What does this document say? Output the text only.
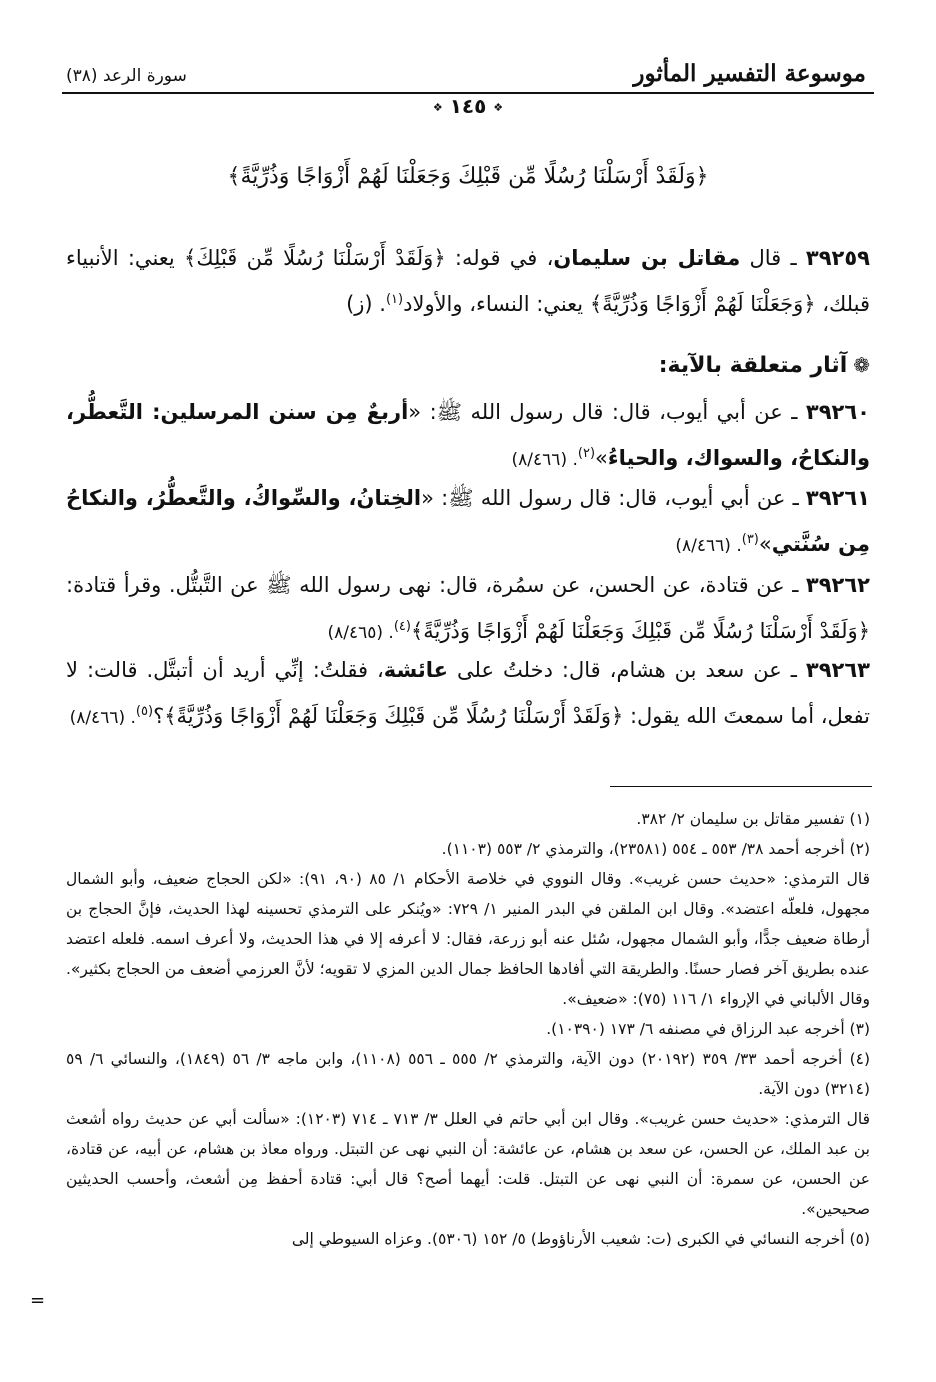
موسوعة التفسير المأثور
سورة الرعد (٣٨)
❖ ١٤٥ ❖
﴿وَلَقَدْ أَرْسَلْنَا رُسُلًا مِّن قَبْلِكَ وَجَعَلْنَا لَهُمْ أَزْوَاجًا وَذُرِّيَّةً﴾
٣٩٢٥٩ ـ قال مقاتل بن سليمان، في قوله: ﴿وَلَقَدْ أَرْسَلْنَا رُسُلًا مِّن قَبْلِكَ﴾ يعني: الأنبياء قبلك، ﴿وَجَعَلْنَا لَهُمْ أَزْوَاجًا وَذُرِّيَّةً﴾ يعني: النساء، والأولاد$^{(١)}$. (ز)
❁آثار متعلقة بالآية:
٣٩٢٦٠ ـ عن أبي أيوب، قال: قال رسول الله ﷺ: «أربعٌ مِن سنن المرسلين: التَّعطُّر، والنكاحُ، والسواك، والحياءُ»$^{(٢)}$. (٨/٤٦٦)
٣٩٢٦١ ـ عن أبي أيوب، قال: قال رسول الله ﷺ: «الخِتانُ، والسِّواكُ، والتَّعطُّرُ، والنكاحُ مِن سُنَّتي»$^{(٣)}$. (٨/٤٦٦)
٣٩٢٦٢ ـ عن قتادة، عن الحسن، عن سمُرة، قال: نهى رسول الله ﷺ عن التَّبتُّل. وقرأ قتادة: ﴿وَلَقَدْ أَرْسَلْنَا رُسُلًا مِّن قَبْلِكَ وَجَعَلْنَا لَهُمْ أَزْوَاجًا وَذُرِّيَّةً﴾$^{(٤)}$. (٨/٤٦٥)
٣٩٢٦٣ ـ عن سعد بن هشام، قال: دخلتُ على عائشة، فقلتُ: إنِّي أريد أن أتبتَّل. قالت: لا تفعل، أما سمعتَ الله يقول: ﴿وَلَقَدْ أَرْسَلْنَا رُسُلًا مِّن قَبْلِكَ وَجَعَلْنَا لَهُمْ أَزْوَاجًا وَذُرِّيَّةً﴾؟$^{(٥)}$. (٨/٤٦٦)

(١) تفسير مقاتل بن سليمان ٢/ ٣٨٢.

(٢) أخرجه أحمد ٣٨/ ٥٥٣ ـ ٥٥٤ (٢٣٥٨١)، والترمذي ٢/ ٥٥٣ (١١٠٣).

قال الترمذي: «حديث حسن غريب». وقال النووي في خلاصة الأحكام ١/ ٨٥ (٩٠، ٩١): «لكن الحجاج ضعيف، وأبو الشمال مجهول، فلعلّه اعتضد». وقال ابن الملقن في البدر المنير ١/ ٧٢٩: «ويُنكر على الترمذي تحسينه لهذا الحديث، فإنَّ الحجاج بن أرطاة ضعيف جدًّا، وأبو الشمال مجهول، سُئل عنه أبو زرعة، فقال: لا أعرفه إلا في هذا الحديث، ولا أعرف اسمه. فلعله اعتضد عنده بطريق آخر فصار حسنًا. والطريقة التي أفادها الحافظ جمال الدين المزي لا تقويه؛ لأنَّ العرزمي أضعف من الحجاج بكثير». وقال الألباني في الإرواء ١/ ١١٦ (٧٥): «ضعيف».

(٣) أخرجه عبد الرزاق في مصنفه ٦/ ١٧٣ (١٠٣٩٠).

(٤) أخرجه أحمد ٣٣/ ٣٥٩ (٢٠١٩٢) دون الآية، والترمذي ٢/ ٥٥٥ ـ ٥٥٦ (١١٠٨)، وابن ماجه ٣/ ٥٦ (١٨٤٩)، والنسائي ٦/ ٥٩ (٣٢١٤) دون الآية.

قال الترمذي: «حديث حسن غريب». وقال ابن أبي حاتم في العلل ٣/ ٧١٣ ـ ٧١٤ (١٢٠٣): «سألت أبي عن حديث رواه أشعث بن عبد الملك، عن الحسن، عن سعد بن هشام، عن عائشة: أن النبي نهى عن التبتل. ورواه معاذ بن هشام، عن أبيه، عن قتادة، عن الحسن، عن سمرة: أن النبي نهى عن التبتل. قلت: أيهما أصح؟ قال أبي: قتادة أحفظ مِن أشعث، وأحسب الحديثين صحيحين».

(٥) أخرجه النسائي في الكبرى (ت: شعيب الأرناؤوط) ٥/ ١٥٢ (٥٣٠٦). وعزاه السيوطي إلى

=
